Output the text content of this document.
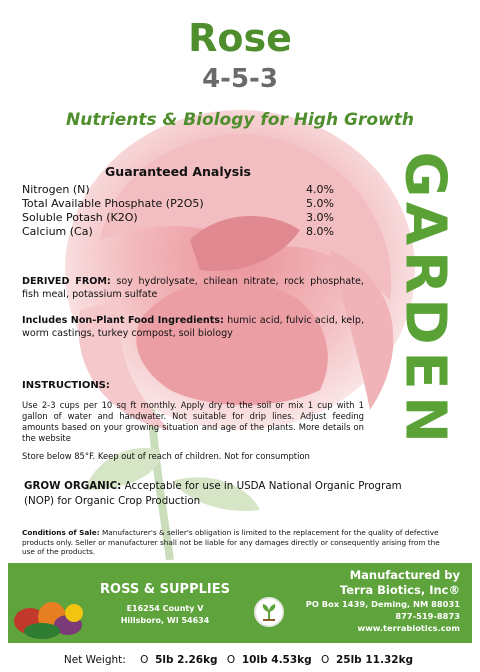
Rose
4-5-3
Nutrients & Biology for High Growth
G
A
R
D
E
N
Guaranteed Analysis
Nitrogen (N)	4.0%
Total Available Phosphate (P2O5)	5.0%
Soluble Potash (K2O)	3.0%
Calcium (Ca)	8.0%
DERIVED FROM: soy hydrolysate, chilean nitrate, rock phosphate, fish meal, potassium sulfate
Includes Non-Plant Food Ingredients: humic acid, fulvic acid, kelp, worm castings, turkey compost, soil biology
INSTRUCTIONS:
Use 2-3 cups per 10 sq ft monthly. Apply dry to the soil or mix 1 cup with 1 gallon of water and handwater. Not suitable for drip lines. Adjust feeding amounts based on your growing situation and age of the plants. More details on the website
Store below 85°F. Keep out of reach of children. Not for consumption
GROW ORGANIC: Acceptable for use in USDA National Organic Program (NOP) for Organic Crop Production
Conditions of Sale: Manufacturer's & seller's obligation is limited to the replacement for the quality of defective products only. Seller or manufacturer shall not be liable for any damages directly or consequently arising from the use of the products.
ROSS & SUPPLIES
E16254 County V
Hillsboro, WI 54634
Manufactured by
Terra Biotics, Inc®
PO Box 1439, Deming, NM 88031
877-519-8873
www.terrabiotics.com
Net Weight: O 5lb 2.26kg O 10lb 4.53kg O 25lb 11.32kg
